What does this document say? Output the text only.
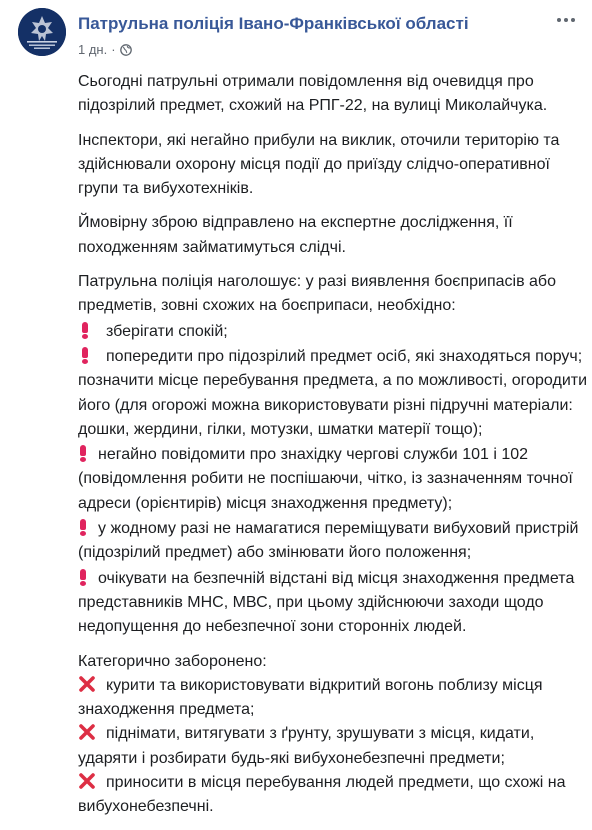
Патрульна поліція Івано-Франківської області
1 дн. ·
Сьогодні патрульні отримали повідомлення від очевидця про
підозрілий предмет, схожий на РПГ-22, на вулиці Миколайчука.
Інспектори, які негайно прибули на виклик, оточили територію та
здійснювали охорону місця події до приїзду слідчо-оперативної
групи та вибухотехніків.
Ймовірну зброю відправлено на експертне дослідження, її
походженням займатимуться слідчі.
Патрульна поліція наголошує: у разі виявлення боєприпасів або
предметів, зовні схожих на боєприпаси, необхідно:
зберігати спокій;
попередити про підозрілий предмет осіб, які знаходяться поруч;
позначити місце перебування предмета, а по можливості, огородити
його (для огорожі можна використовувати різні підручні матеріали:
дошки, жердини, гілки, мотузки, шматки матерії тощо);
негайно повідомити про знахідку чергові служби 101 і 102
(повідомлення робити не поспішаючи, чітко, із зазначенням точної
адреси (орієнтирів) місця знаходження предмету);
у жодному разі не намагатися переміщувати вибуховий пристрій
(підозрілий предмет) або змінювати його положення;
очікувати на безпечній відстані від місця знаходження предмета
представників МНС, МВС, при цьому здійснюючи заходи щодо
недопущення до небезпечної зони сторонніх людей.
Категорично заборонено:
курити та використовувати відкритий вогонь поблизу місця
знаходження предмета;
піднімати, витягувати з ґрунту, зрушувати з місця, кидати,
ударяти і розбирати будь-які вибухонебезпечні предмети;
приносити в місця перебування людей предмети, що схожі на
вибухонебезпечні.
